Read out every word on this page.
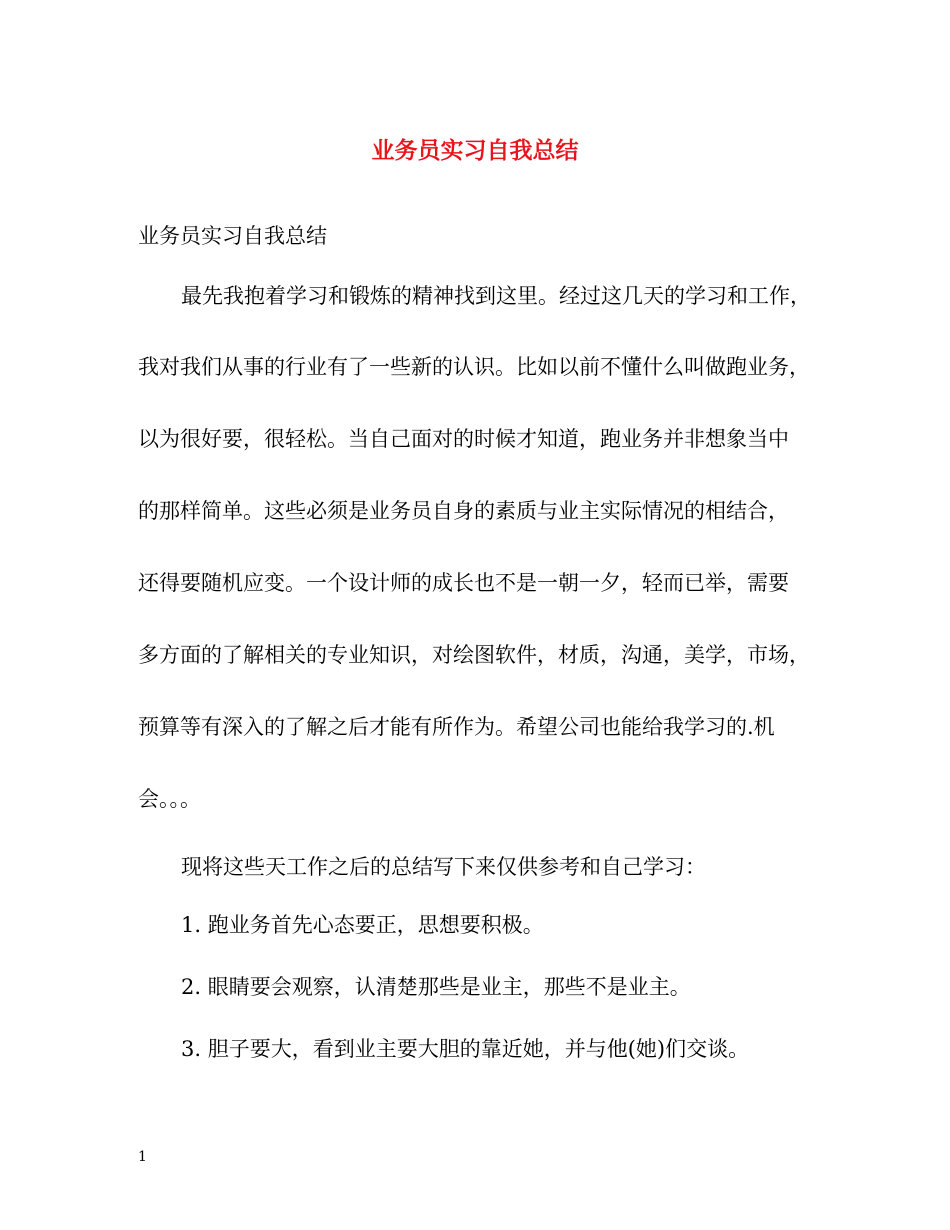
业务员实习自我总结
业务员实习自我总结
最先我抱着学习和锻炼的精神找到这里。经过这几天的学习和工作，
我对我们从事的行业有了一些新的认识。比如以前不懂什么叫做跑业务，
以为很好要，很轻松。当自己面对的时候才知道，跑业务并非想象当中
的那样简单。这些必须是业务员自身的素质与业主实际情况的相结合，
还得要随机应变。一个设计师的成长也不是一朝一夕，轻而已举，需要
多方面的了解相关的专业知识，对绘图软件，材质，沟通，美学，市场，
预算等有深入的了解之后才能有所作为。希望公司也能给我学习的.机
会。。。
现将这些天工作之后的总结写下来仅供参考和自己学习：
1. 跑业务首先心态要正，思想要积极。
2. 眼睛要会观察，认清楚那些是业主，那些不是业主。
3. 胆子要大，看到业主要大胆的靠近她，并与他(她)们交谈。
1
